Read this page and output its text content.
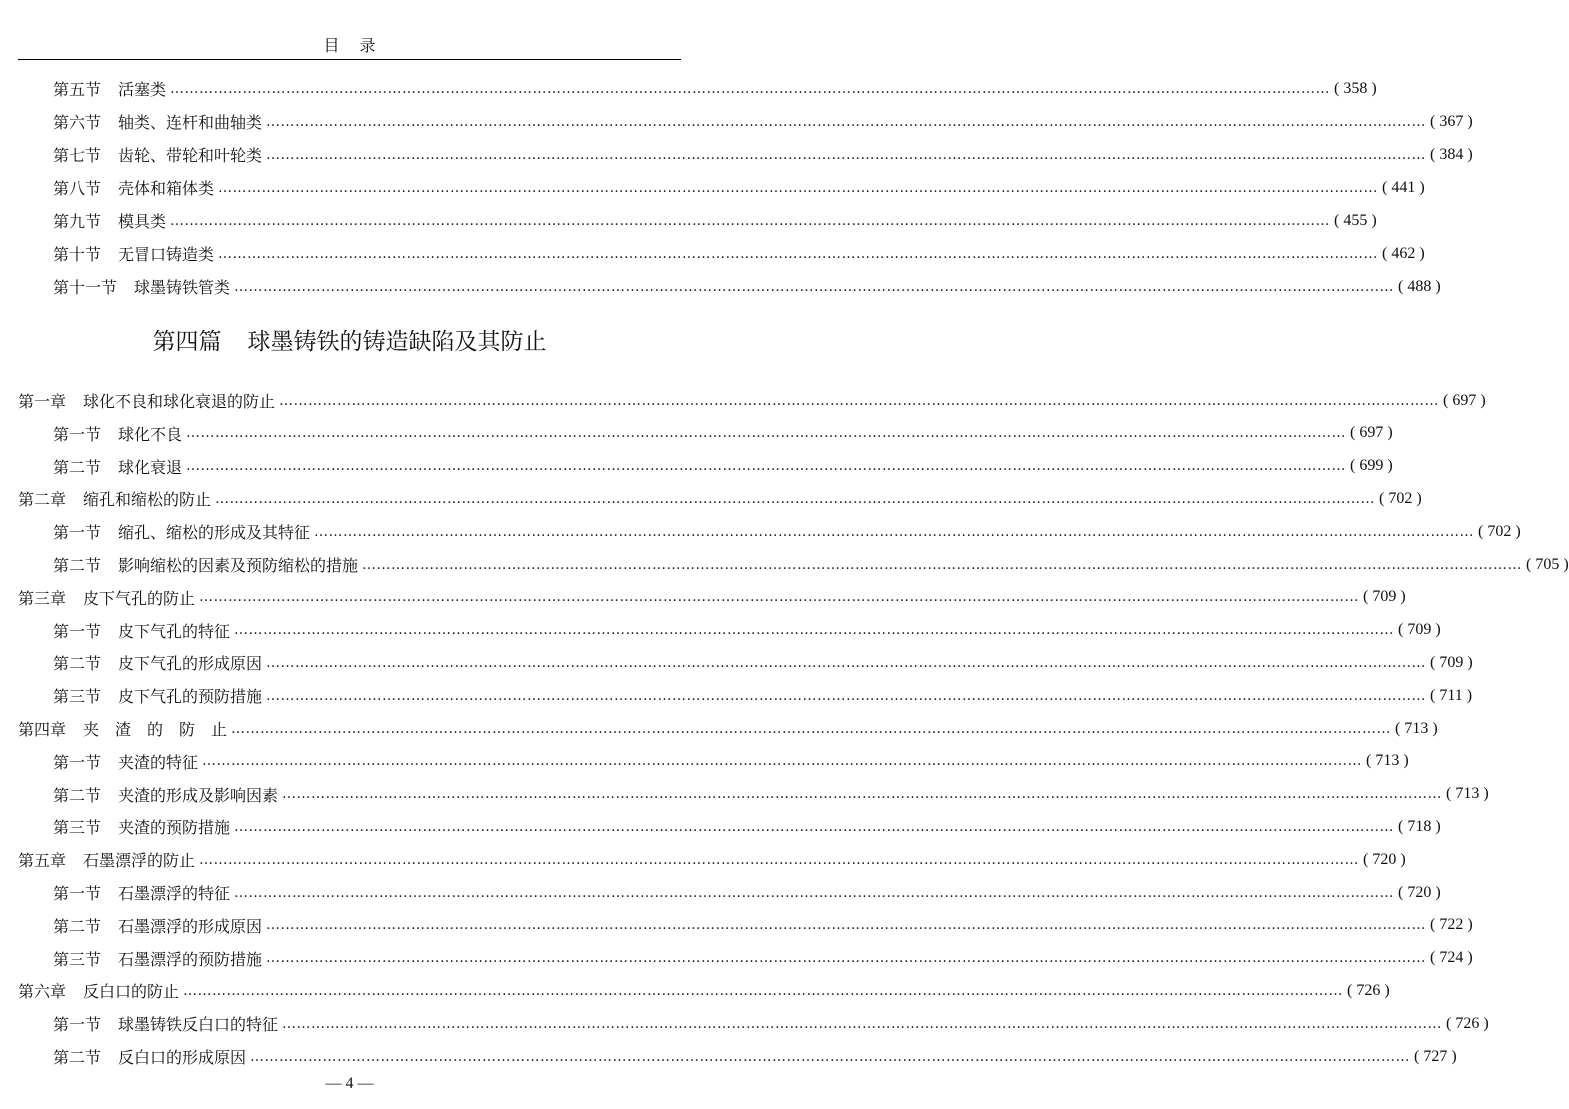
目录
第五节 活塞类 …………………………………………………………………………………………………………………………………………………………………………………………………………………… ( 358 )
第六节 轴类、连杆和曲轴类 …………………………………………………………………………………………………………………………………………………………………………………………………………………… ( 367 )
第七节 齿轮、带轮和叶轮类 …………………………………………………………………………………………………………………………………………………………………………………………………………………… ( 384 )
第八节 壳体和箱体类 …………………………………………………………………………………………………………………………………………………………………………………………………………………… ( 441 )
第九节 模具类 …………………………………………………………………………………………………………………………………………………………………………………………………………………… ( 455 )
第十节 无冒口铸造类 …………………………………………………………………………………………………………………………………………………………………………………………………………………… ( 462 )
第十一节 球墨铸铁管类 …………………………………………………………………………………………………………………………………………………………………………………………………………………… ( 488 )
第四篇 球墨铸铁的铸造缺陷及其防止
第一章 球化不良和球化衰退的防止 …………………………………………………………………………………………………………………………………………………………………………………………………………………… ( 697 )
第一节 球化不良 …………………………………………………………………………………………………………………………………………………………………………………………………………………… ( 697 )
第二节 球化衰退 …………………………………………………………………………………………………………………………………………………………………………………………………………………… ( 699 )
第二章 缩孔和缩松的防止 …………………………………………………………………………………………………………………………………………………………………………………………………………………… ( 702 )
第一节 缩孔、缩松的形成及其特征 …………………………………………………………………………………………………………………………………………………………………………………………………………………… ( 702 )
第二节 影响缩松的因素及预防缩松的措施 …………………………………………………………………………………………………………………………………………………………………………………………………………………… ( 705 )
第三章 皮下气孔的防止 …………………………………………………………………………………………………………………………………………………………………………………………………………………… ( 709 )
第一节 皮下气孔的特征 …………………………………………………………………………………………………………………………………………………………………………………………………………………… ( 709 )
第二节 皮下气孔的形成原因 …………………………………………………………………………………………………………………………………………………………………………………………………………………… ( 709 )
第三节 皮下气孔的预防措施 …………………………………………………………………………………………………………………………………………………………………………………………………………………… ( 711 )
第四章 夹　渣　的　防　止 …………………………………………………………………………………………………………………………………………………………………………………………………………………… ( 713 )
第一节 夹渣的特征 …………………………………………………………………………………………………………………………………………………………………………………………………………………… ( 713 )
第二节 夹渣的形成及影响因素 …………………………………………………………………………………………………………………………………………………………………………………………………………………… ( 713 )
第三节 夹渣的预防措施 …………………………………………………………………………………………………………………………………………………………………………………………………………………… ( 718 )
第五章 石墨漂浮的防止 …………………………………………………………………………………………………………………………………………………………………………………………………………………… ( 720 )
第一节 石墨漂浮的特征 …………………………………………………………………………………………………………………………………………………………………………………………………………………… ( 720 )
第二节 石墨漂浮的形成原因 …………………………………………………………………………………………………………………………………………………………………………………………………………………… ( 722 )
第三节 石墨漂浮的预防措施 …………………………………………………………………………………………………………………………………………………………………………………………………………………… ( 724 )
第六章 反白口的防止 …………………………………………………………………………………………………………………………………………………………………………………………………………………… ( 726 )
第一节 球墨铸铁反白口的特征 …………………………………………………………………………………………………………………………………………………………………………………………………………………… ( 726 )
第二节 反白口的形成原因 …………………………………………………………………………………………………………………………………………………………………………………………………………………… ( 727 )
— 4 —
